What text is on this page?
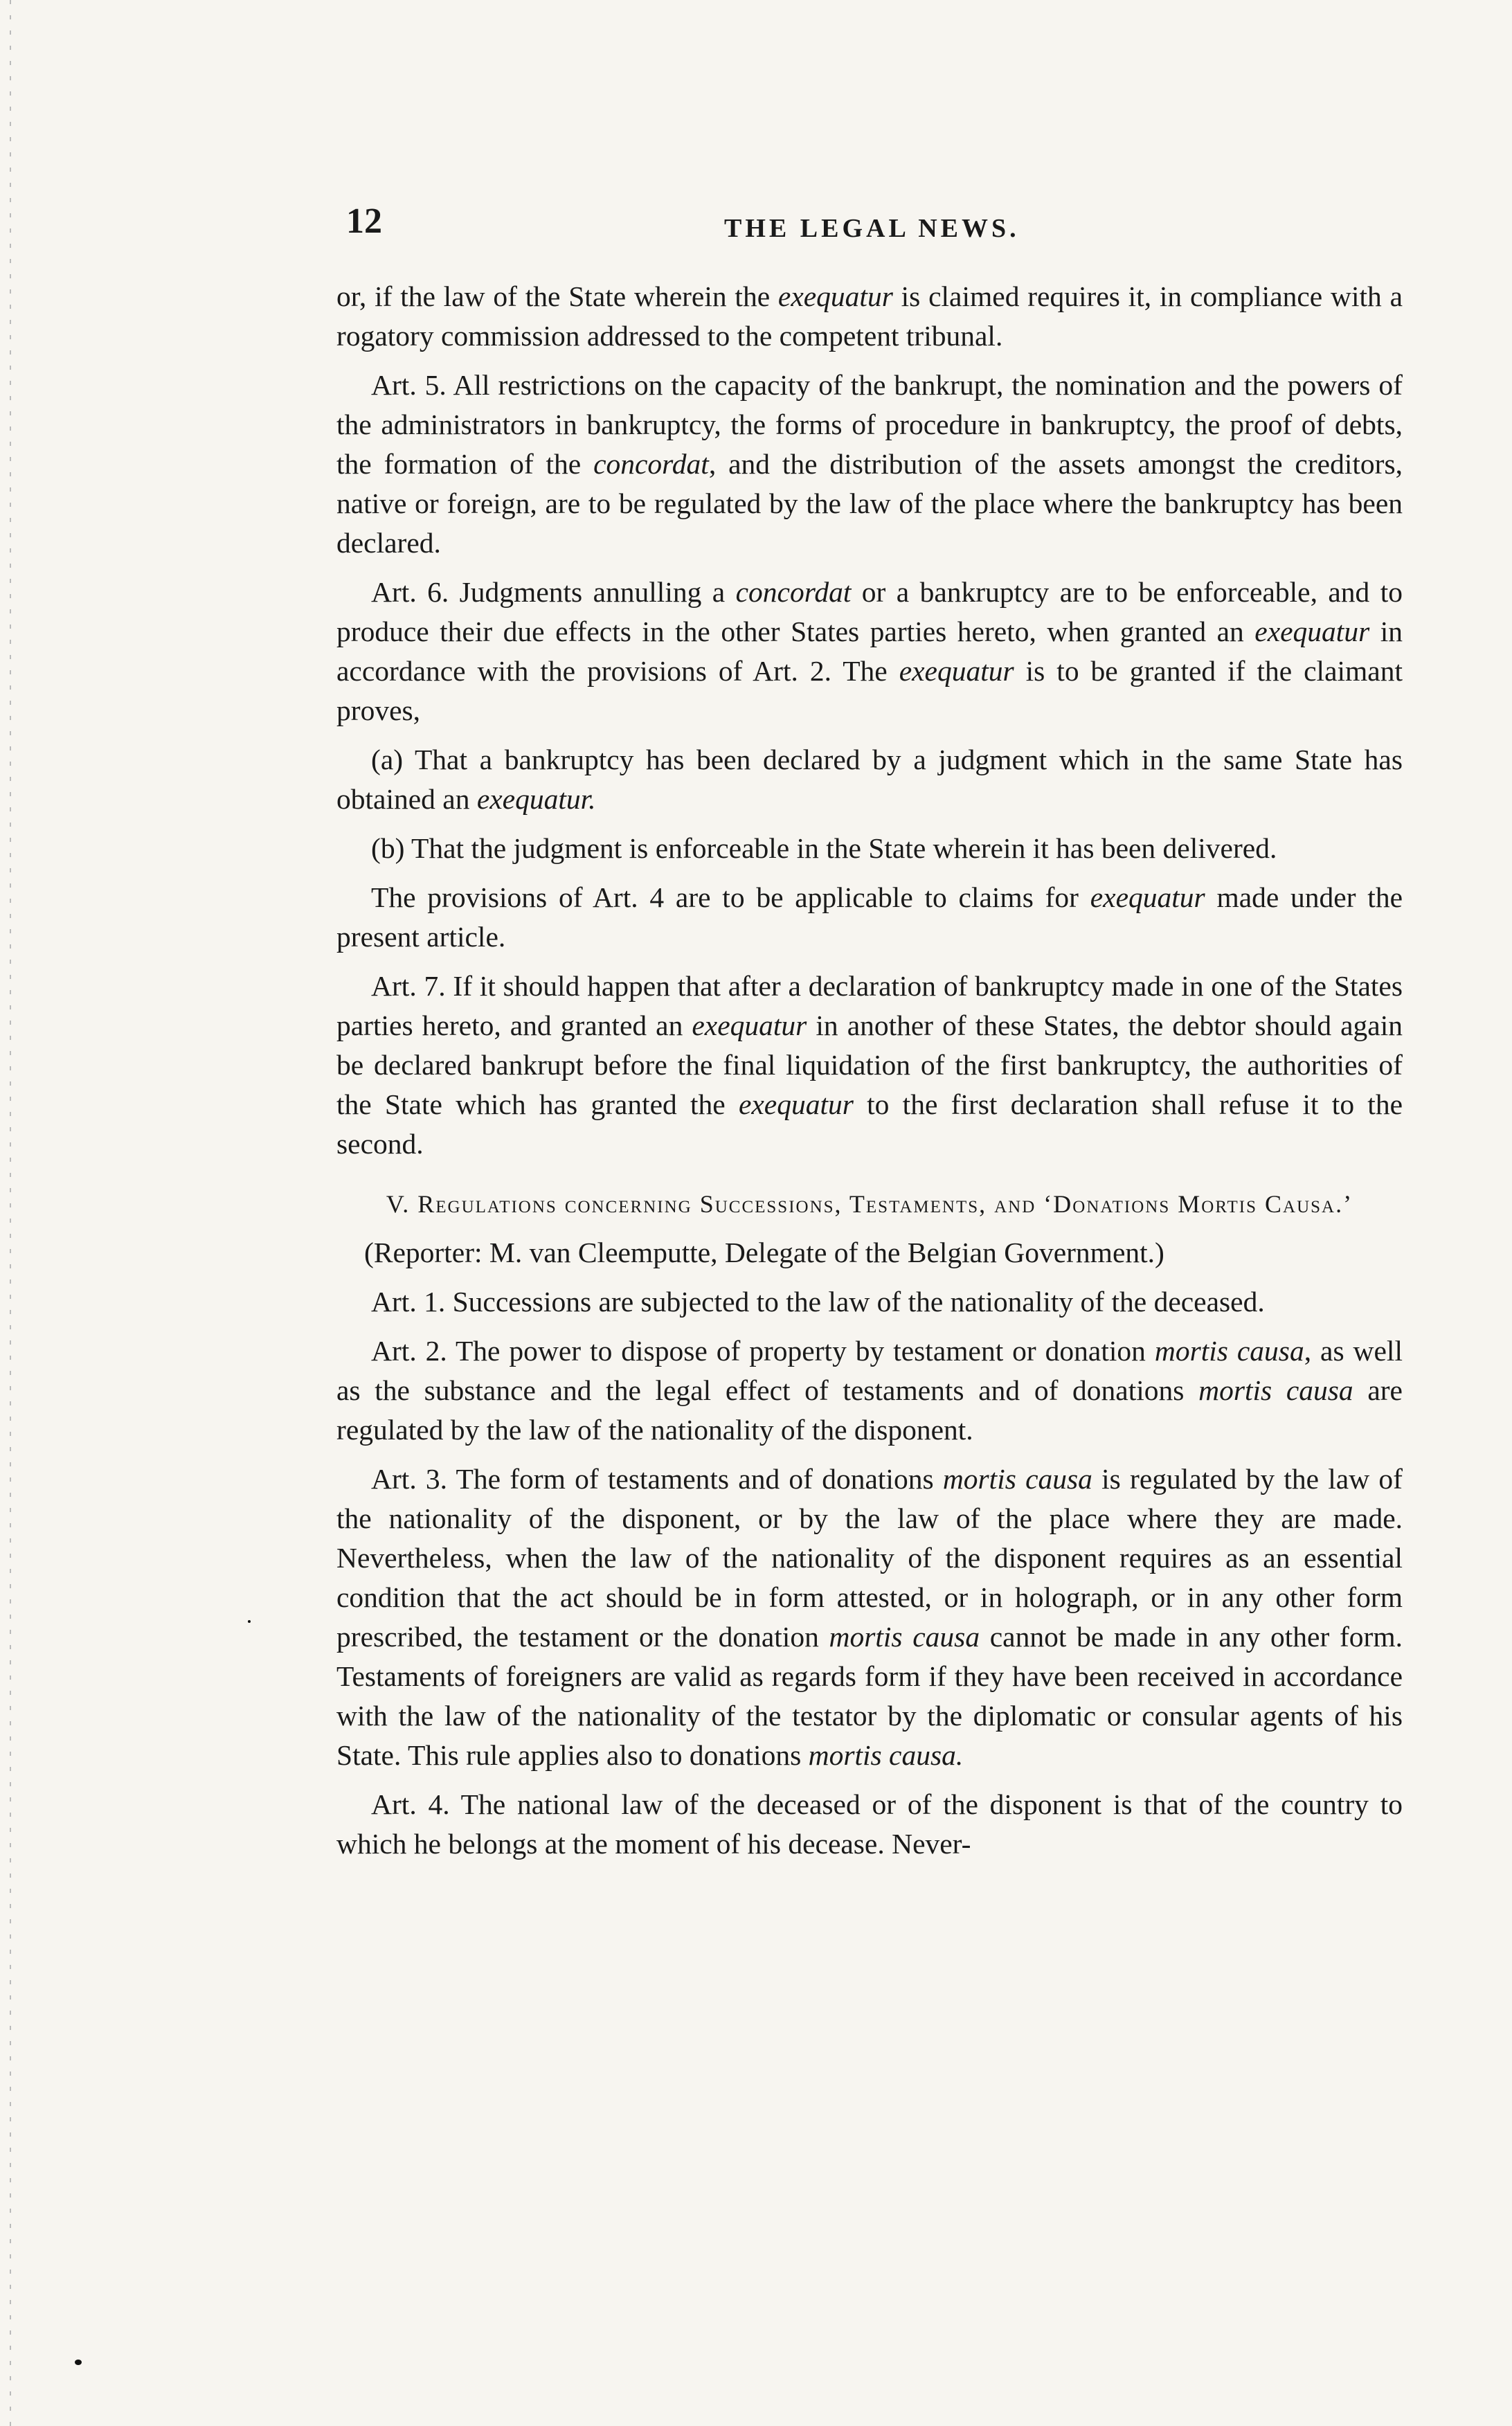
12	THE LEGAL NEWS.

or, if the law of the State wherein the exequatur is claimed requires it, in compliance with a rogatory commission addressed to the competent tribunal.

Art. 5. All restrictions on the capacity of the bankrupt, the nomination and the powers of the administrators in bankruptcy, the forms of procedure in bankruptcy, the proof of debts, the formation of the concordat, and the distribution of the assets amongst the creditors, native or foreign, are to be regulated by the law of the place where the bankruptcy has been declared.

Art. 6. Judgments annulling a concordat or a bankruptcy are to be enforceable, and to produce their due effects in the other States parties hereto, when granted an exequatur in accordance with the provisions of Art. 2. The exequatur is to be granted if the claimant proves,

(a) That a bankruptcy has been declared by a judgment which in the same State has obtained an exequatur.

(b) That the judgment is enforceable in the State wherein it has been delivered.

The provisions of Art. 4 are to be applicable to claims for exequatur made under the present article.

Art. 7. If it should happen that after a declaration of bankruptcy made in one of the States parties hereto, and granted an exequatur in another of these States, the debtor should again be declared bankrupt before the final liquidation of the first bankruptcy, the authorities of the State which has granted the exequatur to the first declaration shall refuse it to the second.

V. Regulations concerning Successions, Testaments, and ‘Donations Mortis Causa.’

(Reporter: M. van Cleemputte, Delegate of the Belgian Government.)

Art. 1. Successions are subjected to the law of the nationality of the deceased.

Art. 2. The power to dispose of property by testament or donation mortis causa, as well as the substance and the legal effect of testaments and of donations mortis causa are regulated by the law of the nationality of the disponent.

Art. 3. The form of testaments and of donations mortis causa is regulated by the law of the nationality of the disponent, or by the law of the place where they are made. Nevertheless, when the law of the nationality of the disponent requires as an essential condition that the act should be in form attested, or in holograph, or in any other form prescribed, the testament or the donation mortis causa cannot be made in any other form. Testaments of foreigners are valid as regards form if they have been received in accordance with the law of the nationality of the testator by the diplomatic or consular agents of his State. This rule applies also to donations mortis causa.

Art. 4. The national law of the deceased or of the disponent is that of the country to which he belongs at the moment of his decease. Never-
